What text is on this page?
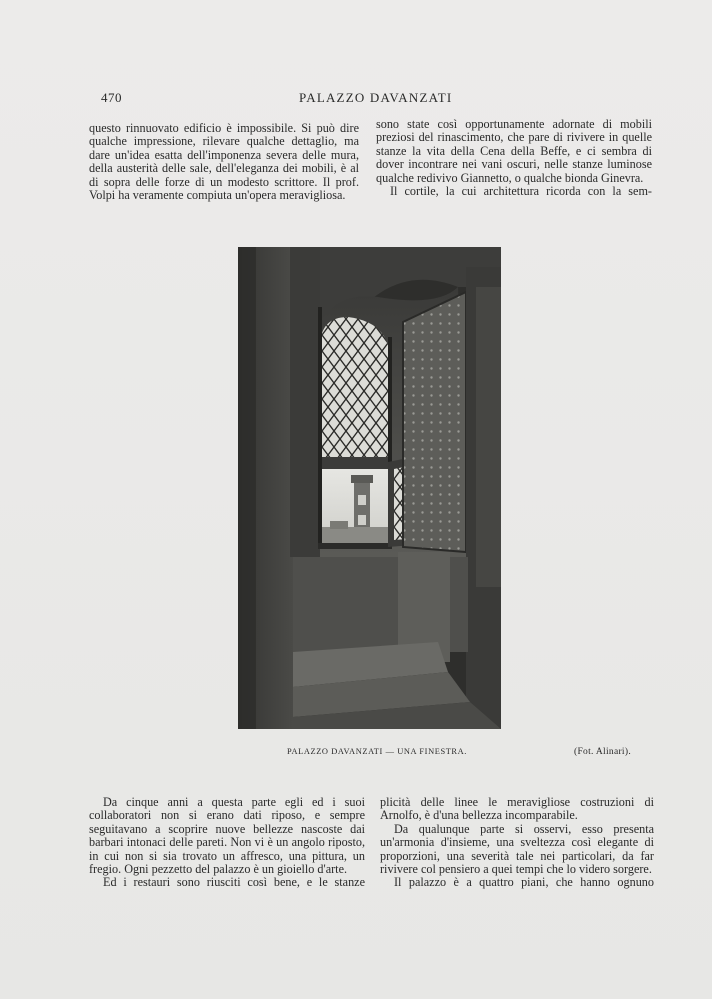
470	PALAZZO DAVANZATI

questo rinnuovato edificio è impossibile. Si può dire qualche impressione, rilevare qualche dettaglio, ma dare un'idea esatta dell'imponenza severa delle mura, della austerità delle sale, dell'eleganza dei mobili, è al di sopra delle forze di un modesto scrittore. Il prof. Volpi ha veramente compiuta un'opera meravigliosa.

sono state così opportunamente adornate di mobili preziosi del rinascimento, che pare di rivivere in quelle stanze la vita della Cena della Beffe, e ci sembra di dover incontrare nei vani oscuri, nelle stanze luminose qualche redivivo Giannetto, o qualche bionda Ginevra.

Il cortile, la cui architettura ricorda con la sem-

PALAZZO DAVANZATI — UNA FINESTRA.	(Fot. Alinari).

Da cinque anni a questa parte egli ed i suoi collaboratori non si erano dati riposo, e sempre seguitavano a scoprire nuove bellezze nascoste dai barbari intonaci delle pareti. Non vi è un angolo riposto, in cui non si sia trovato un affresco, una pittura, un fregio. Ogni pezzetto del palazzo è un gioiello d'arte.

Ed i restauri sono riusciti così bene, e le stanze

plicità delle linee le meravigliose costruzioni di Arnolfo, è d'una bellezza incomparabile.

Da qualunque parte si osservi, esso presenta un'armonia d'insieme, una sveltezza così elegante di proporzioni, una severità tale nei particolari, da far rivivere col pensiero a quei tempi che lo videro sorgere.

Il palazzo è a quattro piani, che hanno ognuno
